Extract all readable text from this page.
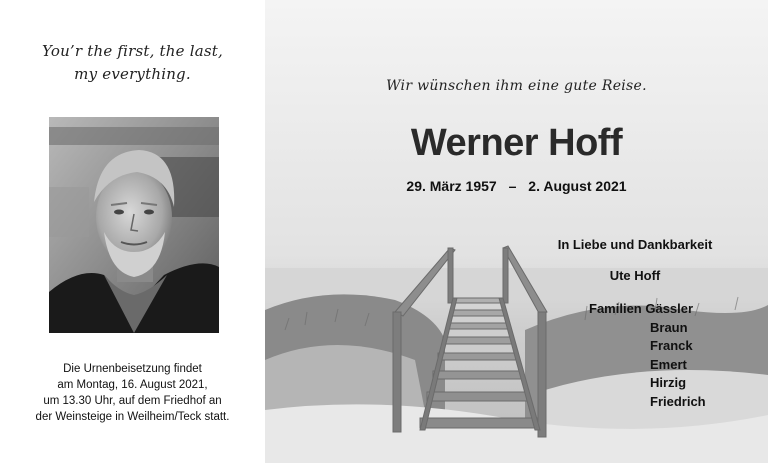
You’r the first, the last,
my everything.
Die Urnenbeisetzung findet
am Montag, 16. August 2021,
um 13.30 Uhr, auf dem Friedhof an
der Weinsteige in Weilheim/Teck statt.
Wir wünschen ihm eine gute Reise.
Werner Hoff
29. März 1957 – 2. August 2021
In Liebe und Dankbarkeit
Ute Hoff
Familien Gässler
Braun
Franck
Emert
Hirzig
Friedrich
